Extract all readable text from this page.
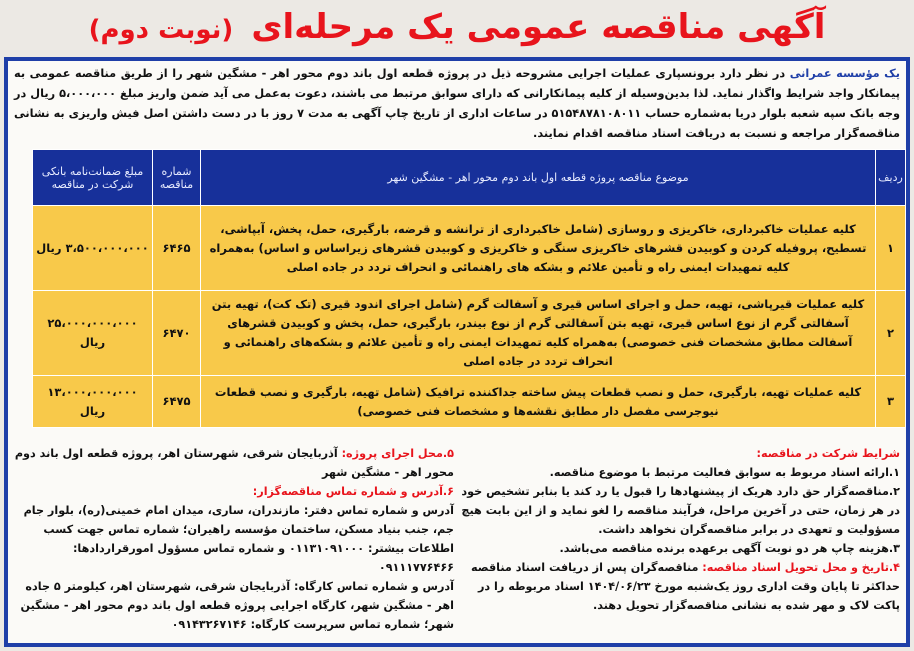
آگهی مناقصه عمومی یک مرحله‌ای(نوبت دوم)

یک مؤسسه عمرانی در نظر دارد برونسپاری عملیات اجرایی مشروحه ذیل در پروژه قطعه اول باند دوم محور اهر - مشگین شهر را از طریق مناقصه عمومی به پیمانکار واجد شرایط واگذار نماید. لذا بدین‌وسیله از کلیه پیمانکارانی که دارای سوابق مرتبط می باشند، دعوت به‌عمل می آید ضمن واریز مبلغ ۵،۰۰۰،۰۰۰ ریال در وجه بانک سپه شعبه بلوار دریا به‌شماره حساب ۵۱۵۴۸۷۸۱۰۸۰۱۱ در ساعات اداری از تاریخ چاپ آگهی به مدت ۷ روز با در دست داشتن اصل فیش واریزی به نشانی مناقصه‌گزار مراجعه و نسبت به دریافت اسناد مناقصه اقدام نمایند.

ردیف	موضوع مناقصه پروژه قطعه اول باند دوم محور اهر - مشگین شهر	شماره مناقصه	مبلغ ضمانت‌نامه بانکی شرکت در مناقصه
۱	کلیه عملیات خاکبرداری، خاکریزی و روسازی (شامل خاکبرداری از ترانشه و قرضه، بارگیری، حمل، پخش، آبپاشی، تسطیح، پروفیله کردن و کوبیدن قشرهای خاکریزی سنگی و خاکریزی و کوبیدن قشرهای زیراساس و اساس) به‌همراه کلیه تمهیدات ایمنی راه و تأمین علائم و بشکه های راهنمائی و انحراف تردد در جاده اصلی	۶۴۶۵	۳،۵۰۰،۰۰۰،۰۰۰ ریال
۲	کلیه عملیات قیرپاشی، تهیه، حمل و اجرای اساس قیری و آسفالت گرم (شامل اجرای اندود قیری (تک کت)، تهیه بتن آسفالتی گرم از نوع اساس قیری، تهیه بتن آسفالتی گرم از نوع بیندر، بارگیری، حمل، پخش و کوبیدن قشرهای آسفالت مطابق مشخصات فنی خصوصی) به‌همراه کلیه تمهیدات ایمنی راه و تأمین علائم و بشکه‌های راهنمائی و انحراف تردد در جاده اصلی	۶۴۷۰	۲۵،۰۰۰،۰۰۰،۰۰۰ ریال
۳	کلیه عملیات تهیه، بارگیری، حمل و نصب قطعات پیش ساخته جداکننده ترافیک (شامل تهیه، بارگیری و نصب قطعات نیوجرسی مفصل دار مطابق نقشه‌ها و مشخصات فنی خصوصی)	۶۴۷۵	۱۳،۰۰۰،۰۰۰،۰۰۰ ریال
شرایط شرکت در مناقصه:
۱.ارائه اسناد مربوط به سوابق فعالیت مرتبط با موضوع مناقصه.
۲.مناقصه‌گزار حق دارد هریک از پیشنهادها را قبول یا رد کند یا بنابر تشخیص خود در هر زمان، حتی در آخرین مراحل، فرآیند مناقصه را لغو نماید و از این بابت هیچ مسؤولیت و تعهدی در برابر مناقصه‌گران نخواهد داشت.
۳.هزینه چاپ هر دو نوبت آگهی برعهده برنده مناقصه می‌باشد.
۴.تاریخ و محل تحویل اسناد مناقصه: مناقصه‌گران پس از دریافت اسناد مناقصه حداکثر تا پایان وقت اداری روز یک‌شنبه مورخ ۱۴۰۴/۰۶/۲۳ اسناد مربوطه را در پاکت لاک و مهر شده به نشانی مناقصه‌گزار تحویل دهند.
۵.محل اجرای پروژه: آذربایجان شرقی، شهرستان اهر، پروژه قطعه اول باند دوم محور اهر - مشگین شهر
۶.آدرس و شماره تماس مناقصه‌گزار:
آدرس و شماره تماس دفتر: مازندران، ساری، میدان امام خمینی(ره)، بلوار جام جم، جنب بنیاد مسکن، ساختمان مؤسسه راهیران؛ شماره تماس جهت کسب اطلاعات بیشتر: ۰۱۱۳۱۰۹۱۰۰۰ و شماره تماس مسؤول امورقراردادها: ۰۹۱۱۱۷۷۶۴۶۶
آدرس و شماره تماس کارگاه: آذربایجان شرقی، شهرستان اهر، کیلومتر ۵ جاده اهر - مشگین شهر، کارگاه اجرایی پروژه قطعه اول باند دوم محور اهر - مشگین شهر؛ شماره تماس سرپرست کارگاه: ۰۹۱۴۳۲۶۷۱۴۶
